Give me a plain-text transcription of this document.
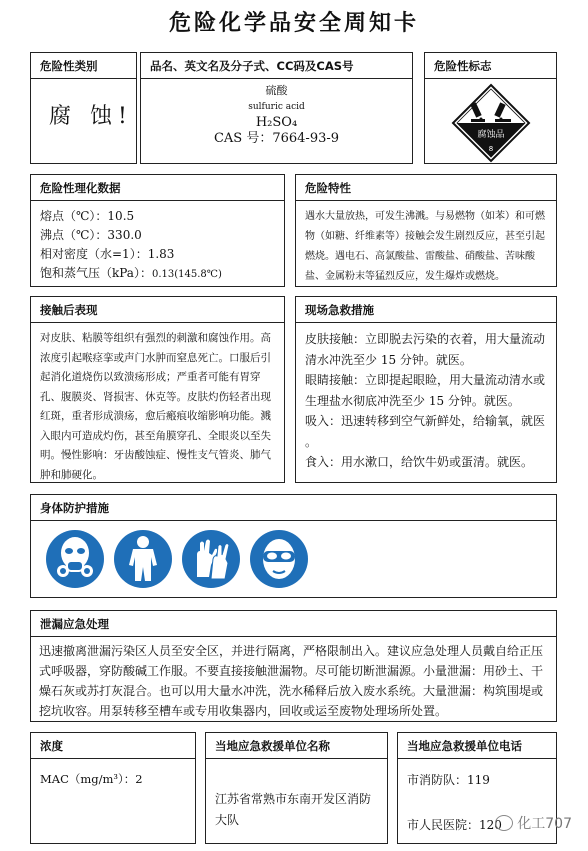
危险化学品安全周知卡
危险性类别
腐 蚀!
品名、英文名及分子式、CC码及CAS号
硫酸
sulfuric acid
H₂SO₄
CAS 号：7664-93-9
危险性标志
腐蚀品
8
危险性理化数据
熔点（℃）：10.5
沸点（℃）：330.0
相对密度（水=1）：1.83
饱和蒸气压（kPa）：0.13(145.8℃)
危险特性
遇水大量放热，可发生沸溅。与易燃物（如苯）和可燃物（如糖、纤维素等）接触会发生剧烈反应，甚至引起燃烧。遇电石、高氯酸盐、雷酸盐、硝酸盐、苦味酸盐、金属粉末等猛烈反应，发生爆炸或燃烧。
接触后表现
对皮肤、粘膜等组织有强烈的刺激和腐蚀作用。高浓度引起喉痉挛或声门水肿而窒息死亡。口服后引起消化道烧伤以致溃疡形成；严重者可能有胃穿孔、腹膜炎、肾损害、休克等。皮肤灼伤轻者出现红斑，重者形成溃疡，愈后瘢痕收缩影响功能。溅入眼内可造成灼伤，甚至角膜穿孔、全眼炎以至失明。慢性影响：牙齿酸蚀症、慢性支气管炎、肺气肿和肺硬化。
现场急救措施
皮肤接触：立即脱去污染的衣着，用大量流动清水冲洗至少 15 分钟。就医。
眼睛接触：立即提起眼睑，用大量流动清水或生理盐水彻底冲洗至少 15 分钟。就医。
吸入：迅速转移到空气新鲜处，给输氧，就医 。
食入：用水漱口，给饮牛奶或蛋清。就医。
身体防护措施
泄漏应急处理
迅速撤离泄漏污染区人员至安全区，并进行隔离，严格限制出入。建议应急处理人员戴自给正压式呼吸器，穿防酸碱工作服。不要直接接触泄漏物。尽可能切断泄漏源。小量泄漏：用砂土、干燥石灰或苏打灰混合。也可以用大量水冲洗，洗水稀释后放入废水系统。大量泄漏：构筑围堤或挖坑收容。用泵转移至槽车或专用收集器内，回收或运至废物处理场所处置。
浓度
MAC（mg/m³）：2
当地应急救援单位名称
江苏省常熟市东南开发区消防大队
当地应急救援单位电话
市消防队：119
市人民医院：120	化工707
